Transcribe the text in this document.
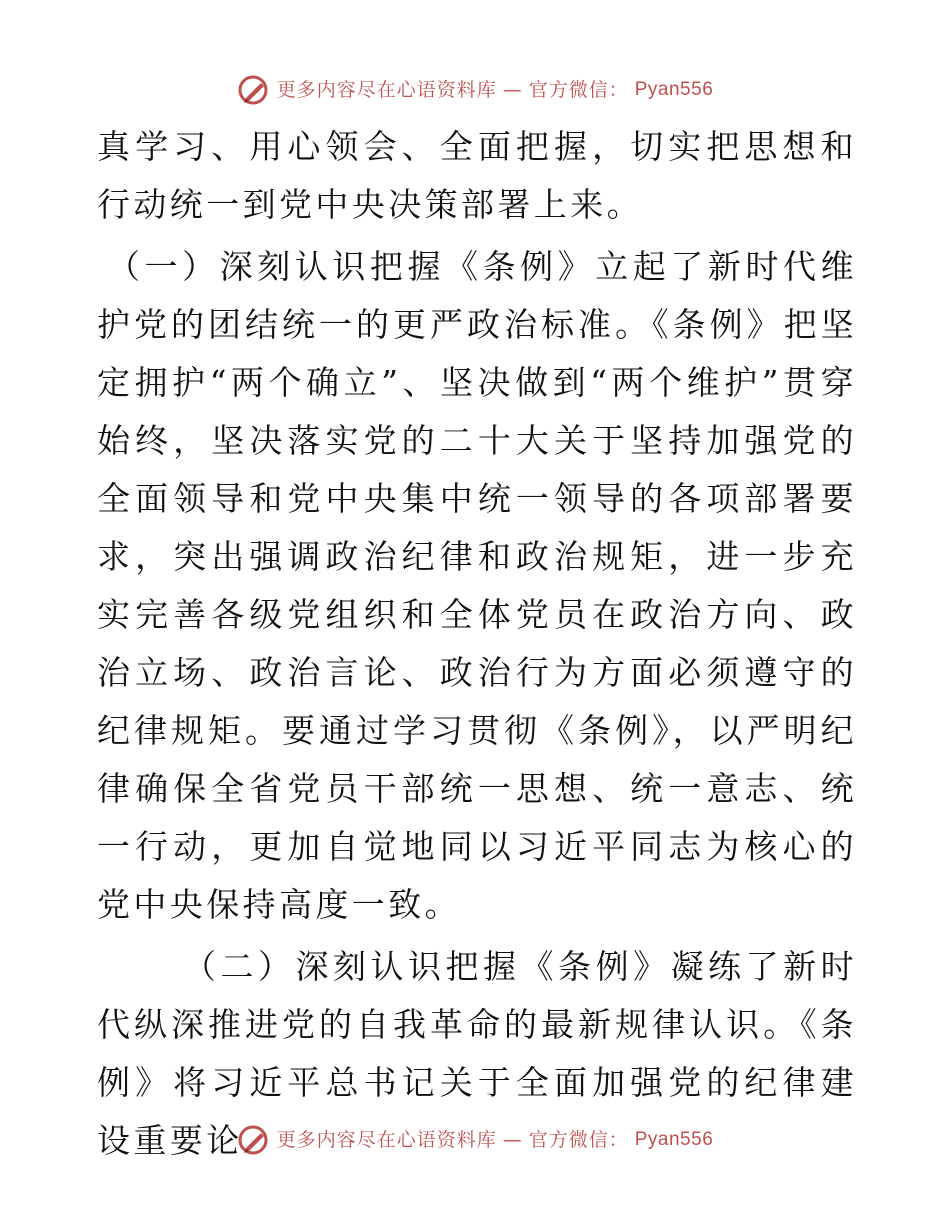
更多内容尽在心语资料库 — 官方微信： Pyan556

真学习、用心领会、全面把握，切实把思想和行动统一到党中央决策部署上来。

（一）深刻认识把握《条例》立起了新时代维护党的团结统一的更严政治标准。《条例》把坚定拥护“两个确立”、坚决做到“两个维护”贯穿始终，坚决落实党的二十大关于坚持加强党的全面领导和党中央集中统一领导的各项部署要求，突出强调政治纪律和政治规矩，进一步充实完善各级党组织和全体党员在政治方向、政治立场、政治言论、政治行为方面必须遵守的纪律规矩。要通过学习贯彻《条例》，以严明纪律确保全省党员干部统一思想、统一意志、统一行动，更加自觉地同以习近平同志为核心的党中央保持高度一致。

（二）深刻认识把握《条例》凝练了新时代纵深推进党的自我革命的最新规律认识。《条例》将习近平总书记关于全面加强党的纪律建设重要论	更多内容尽在心语资料库 — 官方微信： Pyan556
